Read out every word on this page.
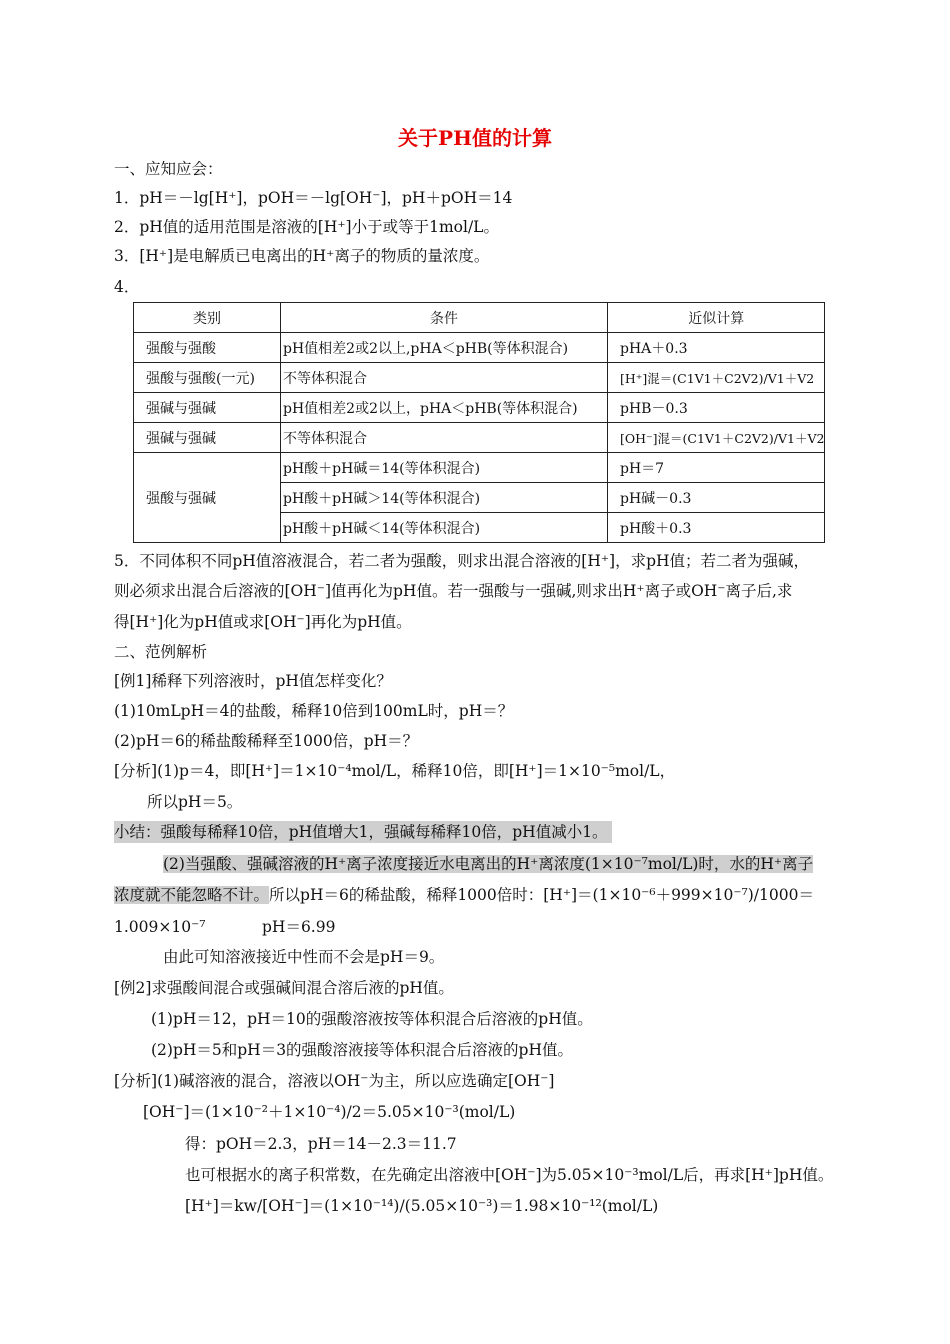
关于PH值的计算
一、应知应会：
1．pH＝－lg[H⁺]，pOH＝－lg[OH⁻]，pH＋pOH＝14
2．pH值的适用范围是溶液的[H⁺]小于或等于1mol/L。
3．[H⁺]是电解质已电离出的H⁺离子的物质的量浓度。
4．
类别	条件	近似计算
强酸与强酸	pH值相差2或2以上,pHA＜pHB(等体积混合)	pHA＋0.3
强酸与强酸(一元)	不等体积混合	[H⁺]混＝(C1V1＋C2V2)/V1＋V2
强碱与强碱	pH值相差2或2以上，pHA＜pHB(等体积混合)	pHB－0.3
强碱与强碱	不等体积混合	[OH⁻]混＝(C1V1＋C2V2)/V1＋V2
强酸与强碱	pH酸＋pH碱＝14(等体积混合)	pH＝7
	pH酸＋pH碱＞14(等体积混合)	pH碱－0.3
	pH酸＋pH碱＜14(等体积混合)	pH酸＋0.3
5．不同体积不同pH值溶液混合，若二者为强酸，则求出混合溶液的[H⁺]，求pH值；若二者为强碱，
则必须求出混合后溶液的[OH⁻]值再化为pH值。若一强酸与一强碱,则求出H⁺离子或OH⁻离子后,求
得[H⁺]化为pH值或求[OH⁻]再化为pH值。
二、范例解析
[例1]稀释下列溶液时，pH值怎样变化？
(1)10mLpH＝4的盐酸，稀释10倍到100mL时，pH＝？
(2)pH＝6的稀盐酸稀释至1000倍，pH＝？
[分析](1)p＝4，即[H⁺]＝1×10⁻⁴mol/L，稀释10倍，即[H⁺]＝1×10⁻⁵mol/L，
所以pH＝5。
小结：强酸每稀释10倍，pH值增大1，强碱每稀释10倍，pH值减小1。
(2)当强酸、强碱溶液的H⁺离子浓度接近水电离出的H⁺离浓度(1×10⁻⁷mol/L)时，水的H⁺离子
浓度就不能忽略不计。所以pH＝6的稀盐酸，稀释1000倍时：[H⁺]＝(1×10⁻⁶＋999×10⁻⁷)/1000＝
1.009×10⁻⁷	pH＝6.99
由此可知溶液接近中性而不会是pH＝9。
[例2]求强酸间混合或强碱间混合溶后液的pH值。
(1)pH＝12，pH＝10的强酸溶液按等体积混合后溶液的pH值。
(2)pH＝5和pH＝3的强酸溶液接等体积混合后溶液的pH值。
[分析](1)碱溶液的混合，溶液以OH⁻为主，所以应选确定[OH⁻]
[OH⁻]＝(1×10⁻²＋1×10⁻⁴)/2＝5.05×10⁻³(mol/L)
得：pOH＝2.3，pH＝14－2.3＝11.7
也可根据水的离子积常数，在先确定出溶液中[OH⁻]为5.05×10⁻³mol/L后，再求[H⁺]pH值。
[H⁺]＝kw/[OH⁻]＝(1×10⁻¹⁴)/(5.05×10⁻³)＝1.98×10⁻¹²(mol/L)
